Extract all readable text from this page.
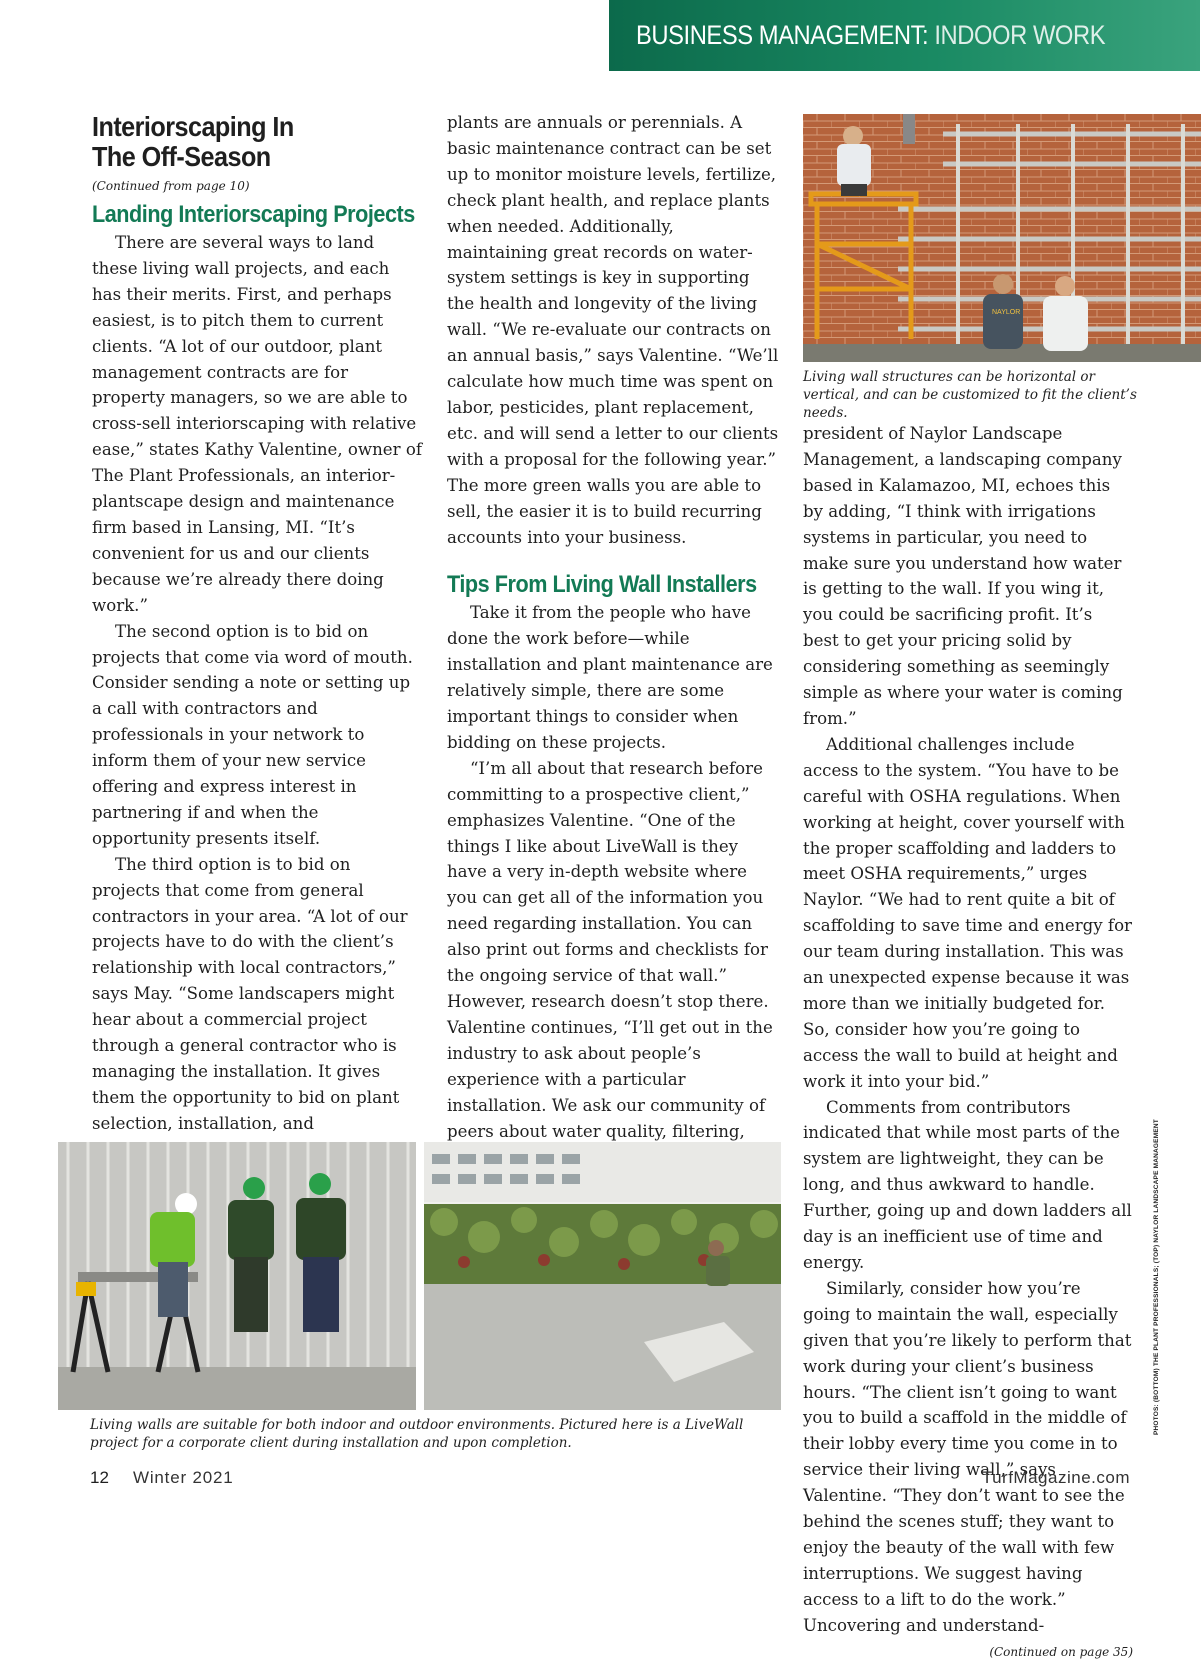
BUSINESS MANAGEMENT: INDOOR WORK
Interiorscaping In The Off-Season

(Continued from page 10)

Landing Interiorscaping Projects

There are several ways to land these living wall projects, and each has their merits. First, and perhaps easiest, is to pitch them to current clients. “A lot of our outdoor, plant management contracts are for property managers, so we are able to cross-sell interiorscaping with relative ease,” states Kathy Valentine, owner of The Plant Professionals, an interior-plantscape design and maintenance firm based in Lansing, MI. “It’s convenient for us and our clients because we’re already there doing work.”

The second option is to bid on projects that come via word of mouth. Consider sending a note or setting up a call with contractors and professionals in your network to inform them of your new service offering and express interest in partnering if and when the opportunity presents itself.

The third option is to bid on projects that come from general contractors in your area. “A lot of our projects have to do with the client’s relationship with local contractors,” says May. “Some landscapers might hear about a commercial project through a general contractor who is managing the installation. It gives them the opportunity to bid on plant selection, installation, and

plants are annuals or perennials. A basic maintenance contract can be set up to monitor moisture levels, fertilize, check plant health, and replace plants when needed. Additionally, maintaining great records on water-system settings is key in supporting the health and longevity of the living wall. “We re-evaluate our contracts on an annual basis,” says Valentine. “We’ll calculate how much time was spent on labor, pesticides, plant replacement, etc. and will send a letter to our clients with a proposal for the following year.” The more green walls you are able to sell, the easier it is to build recurring accounts into your business.

Tips From Living Wall Installers

Take it from the people who have done the work before—while installation and plant maintenance are relatively simple, there are some important things to consider when bidding on these projects.

“I’m all about that research before committing to a prospective client,” emphasizes Valentine. “One of the things I like about LiveWall is they have a very in-depth website where you can get all of the information you need regarding installation. You can also print out forms and checklists for the ongoing service of that wall.” However, research doesn’t stop there. Valentine continues, “I’ll get out in the industry to ask about people’s experience with a particular installation. We ask our community of peers about water quality, filtering,

president of Naylor Landscape Management, a landscaping company based in Kalamazoo, MI, echoes this by adding, “I think with irrigations systems in particular, you need to make sure you understand how water is getting to the wall. If you wing it, you could be sacrificing profit. It’s best to get your pricing solid by considering something as seemingly simple as where your water is coming from.”

Additional challenges include access to the system. “You have to be careful with OSHA regulations. When working at height, cover yourself with the proper scaffolding and ladders to meet OSHA requirements,” urges Naylor. “We had to rent quite a bit of scaffolding to save time and energy for our team during installation. This was an unexpected expense because it was more than we initially budgeted for. So, consider how you’re going to access the wall to build at height and work it into your bid.”

Comments from contributors indicated that while most parts of the system are lightweight, they can be long, and thus awkward to handle. Further, going up and down ladders all day is an inefficient use of time and energy.

Similarly, consider how you’re going to maintain the wall, especially given that you’re likely to perform that work during your client’s business hours. “The client isn’t going to want you to build a scaffold in the middle of their lobby every time you come in to service their living wall,” says Valentine. “They don’t want to see the behind the scenes stuff; they want to enjoy the beauty of the wall with few interruptions. We suggest having access to a lift to do the work.” Uncovering and understand-

(Continued on page 35)

NAYLOR
Living wall structures can be horizontal or vertical, and can be customized to fit the client’s needs.
Living walls are suitable for both indoor and outdoor environments. Pictured here is a LiveWall project for a corporate client during installation and upon completion.
PHOTOS: (BOTTOM) THE PLANT PROFESSIONALS; (TOP) NAYLOR LANDSCAPE MANAGEMENT
12 Winter 2021	TurfMagazine.com
